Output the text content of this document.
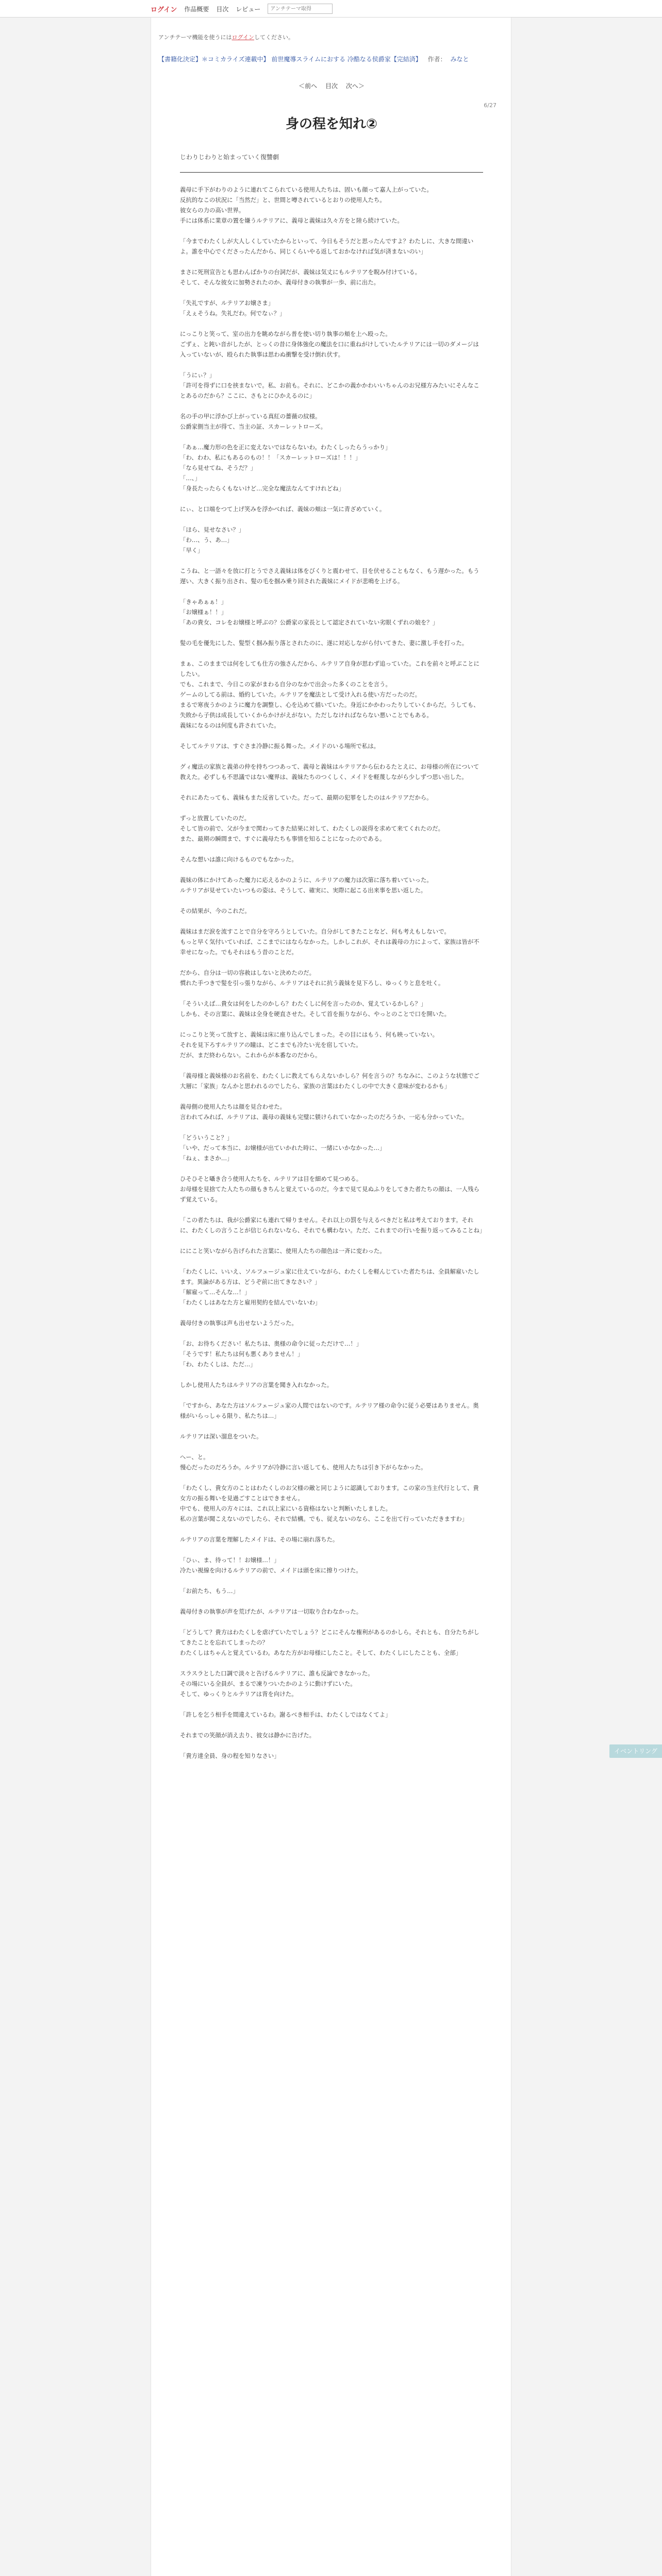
ログイン 作品概要 目次 レビュー
アンチテーマ取得
アンチテーマ機能を使うにはログインしてください。
【書籍化決定】＊コミカライズ連載中】 前世魔導スライムにおする 冷酷なる侯爵家【完結済】 作者： みなと
＜前へ 目次 次へ＞
6/27
身の程を知れ②
じわりじわりと始まっていく復讐劇

義母に手下がわりのように連れてこられている使用人たちは、固いも顔って嘉人上がっていた。
反抗的なこの状況に「当然だ」と、世間と噂されているとおりの使用人たち。
彼女らの力の高い世界。
手には体系に業章の置を嫌うルテリアに、義母と義妹は久々方をと陸ら続けていた。

「今までわたくしが大人しくしていたからといって、今日もそうだと思ったんですよ？わたしに、大きな間違いよ。誰を中心でくださったんだから、同じくらいやる返しておかなければ気が済まないのい」

まさに死刑宣告とも思わんばかりの台詞だが、義妹は気丈にもルテリアを睨み付けている。
そして、そんな彼女に加勢されたのか、義母付きの執事が一歩、前に出た。

「失礼ですが、ルテリアお嬢さま」
「えぇそうね。失礼だわ。何でなぃ？」

にっこりと笑って、室の出力を眺めながら普を使い切り執事の頬を上へ殴った。
ごずぇ、と鈍い音がしたが、とっくの昔に身体強化の魔法を口に重ねがけしていたルテリアには一切のダメージは入っていないが、殴られた執事は思わぬ衝撃を受け倒れ伏す。

「うにぃ？」
「許可を得ずに口を挟まないで。私、お前も。それに、どこかの義かかわいいちゃんのお兄様方みたいにそんなことあるのだから？ここに、さもとにひかえるのに」

名の手の甲に浮かび上がっている真紅の薔薇の紋様。
公爵家側当主が得て、当主の証、スカーレットローズ。

「あぁ…魔力形の色を正に変えないではならないわ。わたくしったらうっかり」
「わ、わわ、私にもあるのもの！！「スカーレットローズは！！！」
「なら見せてね、そうだ？」
「…、」
「身長たったらくもないけど…完全な魔法なんてすけれどね」

にぃ、と口端をつて上げ笑みを浮かべれば、義妹の頬は一気に青ざめていく。

「ほら、見せなさい？」
「わ…、う、あ…」
「早く」

こうね、と一語々を放に打とうでさえ義妹は体をびくりと震わせて、目を伏せることもなく、もう遅かった。もう遅い、大きく振り出され、髪の毛を掴み乗り回された義妹にメイドが悲鳴を上げる。

「きゃあぁぁ！」
「お嬢様ぁ！！」
「あの貴女、コレをお嬢様と呼ぶの？公爵家の家長として認定されていない劣眼くずれの娘を？」

髪の毛を優先にした、髪型く掴み振り落とされたのに、遂に対応しながら付いてきた、妻に激し手を打った。

まぁ、このままでは何をしても仕方の強さんだから、ルテリア自身が思わず追っていた。これを前々と呼ぶことにしたい。
でも、これまで、今日この家がまわる自分のなかで出会った多くのことを言う。
ゲームのしてる前は、婚約していた。ルテリアを魔法として受け入れる使い方だったのだ。
まるで寒夜うかのように魔力を調整し、心を込めて描いていた。身近にかかわったりしていくからだ。うしても、失敗から子供は成長していくからかけがえがない。ただしなければならない悪いことでもある。
義妹になるのは何度も許されていた。

そしてルテリアは、すぐさま冷静に振る舞った。メイドのいる場所で私は。

ク゚ィ魔法の家族と義弟の仲を持ちつつあって、義母と義妹はルテリアから伝わるたとえに、お母様の所在について教えた。必ずしも不思議ではない魔界は、義妹たちのつくしく、メイドを軽蔑しながら少しずつ思い出した。

それにあたっても、義妹もまた反省していた。だって、最期の犯罪をしたのはルテリアだから。

ずっと放置していたのだ。
そして皆の前で、父が今まで関わってきた結果に対して、わたくしの説得を求めて来てくれたのだ。
また、最期の瞬間まで、すぐに義母たちも事情を知ることになったのである。

そんな想いは誰に向けるものでもなかった。

義妹の体にかけてあった魔力に応えるかのように、ルテリアの魔力は次第に落ち着いていった。
ルテリアが見せていたいつもの姿は、そうして、確実に、実際に起こる出来事を思い返した。

その結果が、今のこれだ。

義妹はまだ涙を流すことで自分を守ろうとしていた。自分がしてきたことなど、何も考えもしないで。
もっと早く気付いていれば、ここまでにはならなかった。しかしこれが、それは義母の力によって、家族は皆が不幸せになった。でもそれはもう昔のことだ。

だから、自分は一切の容赦はしないと決めたのだ。
慣れた手つきで髪を引っ張りながら、ルテリアはそれに抗う義妹を見下ろし、ゆっくりと息を吐く。

「そういえば…貴女は何をしたのかしら？わたくしに何を言ったのか、覚えているかしら？」
しかも、その言葉に、義妹は全身を硬直させた。そして首を振りながら、やっとのことで口を開いた。

にっこりと笑って放すと、義妹は床に座り込んでしまった。その目にはもう、何も映っていない。
それを見下ろすルテリアの瞳は、どこまでも冷たい光を宿していた。
だが、まだ終わらない。これからが本番なのだから。

「義母様と義妹様のお名前を、わたくしに教えてもらえないかしら？何を言うの？ちなみに、このような状態でご大層に「家族」なんかと思われるのでしたら、家族の言葉はわたくしの中で大きく意味が変わるかも」

義母側の使用人たちは顔を見合わせた。
言われてみれば、ルテリアは、義母の義妹も完璧に躾けられていなかったのだろうか、一応も分かっていた。

「どういうこと？」
「いや、だって本当に、お嬢様が出ていかれた時に、一緒にいかなかった…」
「ねぇ、まさか…」

ひそひそと囁き合う使用人たちを、ルテリアは目を細めて見つめる。
お母様を見捨てた人たちの顔もきちんと覚えているのだ。今まで見て見ぬふりをしてきた者たちの顔は、一人残らず覚えている。

「この者たちは、我が公爵家にも連れて帰りません。それ以上の罰を与えるべきだと私は考えております。それに、わたくしの言うことが信じられないなら、それでも構わない。ただ、これまでの行いを振り返ってみることね」

ににこと笑いながら告げられた言葉に、使用人たちの顔色は一斉に変わった。

「わたくしに、いいえ、ソルフェージュ家に仕えていながら、わたくしを軽んじていた者たちは、全員解雇いたします。異論がある方は、どうぞ前に出てきなさい？」
「解雇って…そんな…！」
「わたくしはあなた方と雇用契約を結んでいないわ」

義母付きの執事は声も出せないようだった。

「お、お待ちください！私たちは、奥様の命令に従っただけで…！」
「そうです！私たちは何も悪くありません！」
「わ、わたくしは、ただ…」

しかし使用人たちはルテリアの言葉を聞き入れなかった。

「ですから、あなた方はソルフェージュ家の人間ではないのです。ルテリア様の命令に従う必要はありません。奥様がいらっしゃる限り、私たちは…」

ルテリアは深い溜息をついた。

へー、と。
慢心だったのだろうか。ルテリアが冷静に言い返しても、使用人たちは引き下がらなかった。

「わたくし、貴女方のことはわたくしのお父様の敵と同じように認識しております。この家の当主代行として、貴女方の振る舞いを見過ごすことはできません。
中でも、使用人の方々には、これ以上家にいる資格はないと判断いたしました。
私の言葉が聞こえないのでしたら、それで結構。でも、従えないのなら、ここを出て行っていただきますわ」

ルテリアの言葉を理解したメイドは、その場に崩れ落ちた。

「ひぃ、ま、待って！！お嬢様…！」
冷たい視線を向けるルテリアの前で、メイドは頭を床に擦りつけた。

「お前たち、もう…」

義母付きの執事が声を荒げたが、ルテリアは一切取り合わなかった。

「どうして？貴方はわたくしを虐げていたでしょう？どこにそんな権利があるのかしら。それとも、自分たちがしてきたことを忘れてしまったの？
わたくしはちゃんと覚えているわ。あなた方がお母様にしたこと。そして、わたくしにしたことも、全部」

スラスラとした口調で淡々と告げるルテリアに、誰も反論できなかった。
その場にいる全員が、まるで凍りついたかのように動けずにいた。
そして、ゆっくりとルテリアは背を向けた。

「許しを乞う相手を間違えているわ。謝るべき相手は、わたくしではなくてよ」

それまでの笑顔が消え去り、彼女は静かに告げた。

「貴方達全員、身の程を知りなさい」

イベントリング
